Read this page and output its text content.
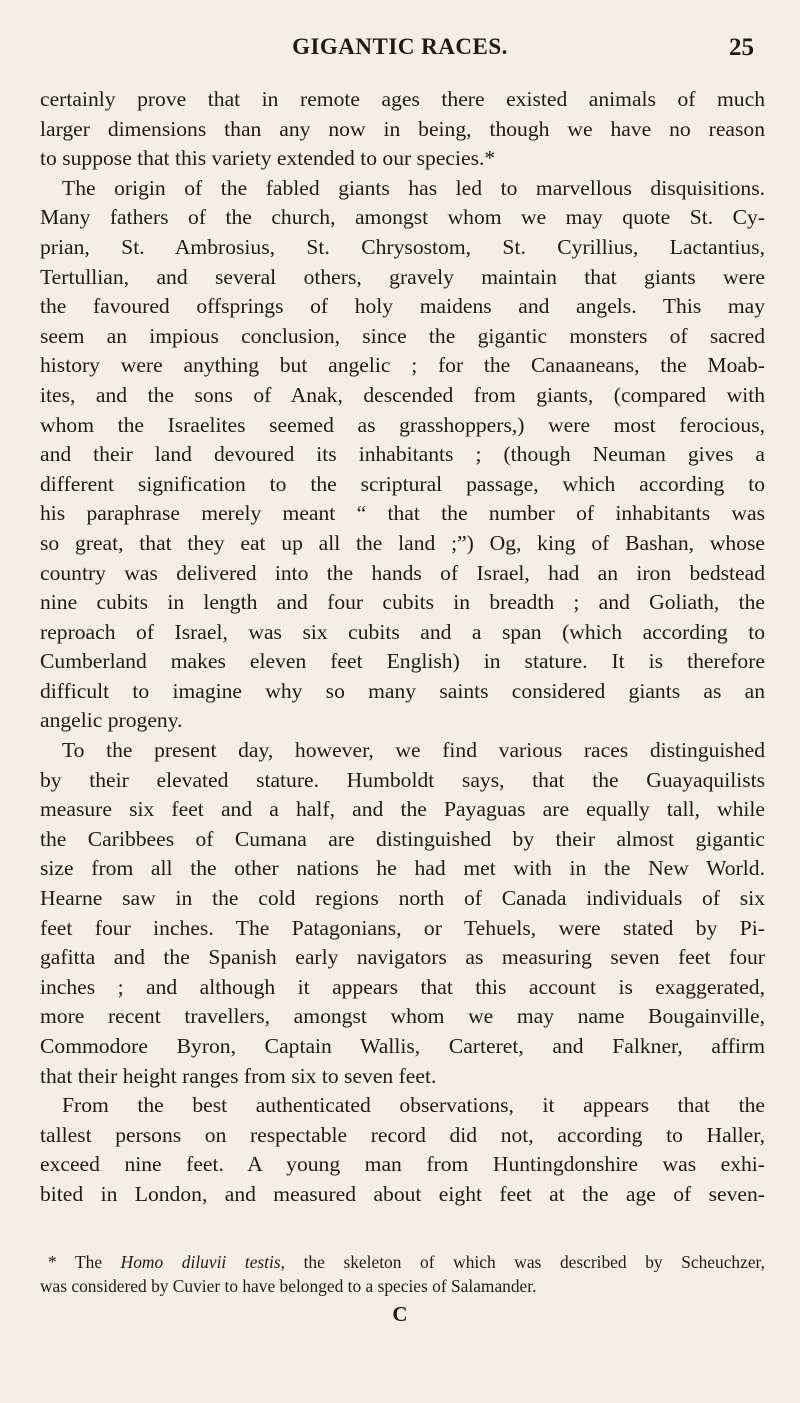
GIGANTIC RACES.	25
certainly prove that in remote ages there existed animals of much
larger dimensions than any now in being, though we have no reason
to suppose that this variety extended to our species.*
The origin of the fabled giants has led to marvellous disquisitions.
Many fathers of the church, amongst whom we may quote St. Cy-
prian, St. Ambrosius, St. Chrysostom, St. Cyrillius, Lactantius,
Tertullian, and several others, gravely maintain that giants were
the favoured offsprings of holy maidens and angels. This may
seem an impious conclusion, since the gigantic monsters of sacred
history were anything but angelic ; for the Canaaneans, the Moab-
ites, and the sons of Anak, descended from giants, (compared with
whom the Israelites seemed as grasshoppers,) were most ferocious,
and their land devoured its inhabitants ; (though Neuman gives a
different signification to the scriptural passage, which according to
his paraphrase merely meant “ that the number of inhabitants was
so great, that they eat up all the land ;”) Og, king of Bashan, whose
country was delivered into the hands of Israel, had an iron bedstead
nine cubits in length and four cubits in breadth ; and Goliath, the
reproach of Israel, was six cubits and a span (which according to
Cumberland makes eleven feet English) in stature. It is therefore
difficult to imagine why so many saints considered giants as an
angelic progeny.
To the present day, however, we find various races distinguished
by their elevated stature. Humboldt says, that the Guayaquilists
measure six feet and a half, and the Payaguas are equally tall, while
the Caribbees of Cumana are distinguished by their almost gigantic
size from all the other nations he had met with in the New World.
Hearne saw in the cold regions north of Canada individuals of six
feet four inches. The Patagonians, or Tehuels, were stated by Pi-
gafitta and the Spanish early navigators as measuring seven feet four
inches ; and although it appears that this account is exaggerated,
more recent travellers, amongst whom we may name Bougainville,
Commodore Byron, Captain Wallis, Carteret, and Falkner, affirm
that their height ranges from six to seven feet.
From the best authenticated observations, it appears that the
tallest persons on respectable record did not, according to Haller,
exceed nine feet. A young man from Huntingdonshire was exhi-
bited in London, and measured about eight feet at the age of seven-
* The Homo diluvii testis, the skeleton of which was described by Scheuchzer,
was considered by Cuvier to have belonged to a species of Salamander.
C
